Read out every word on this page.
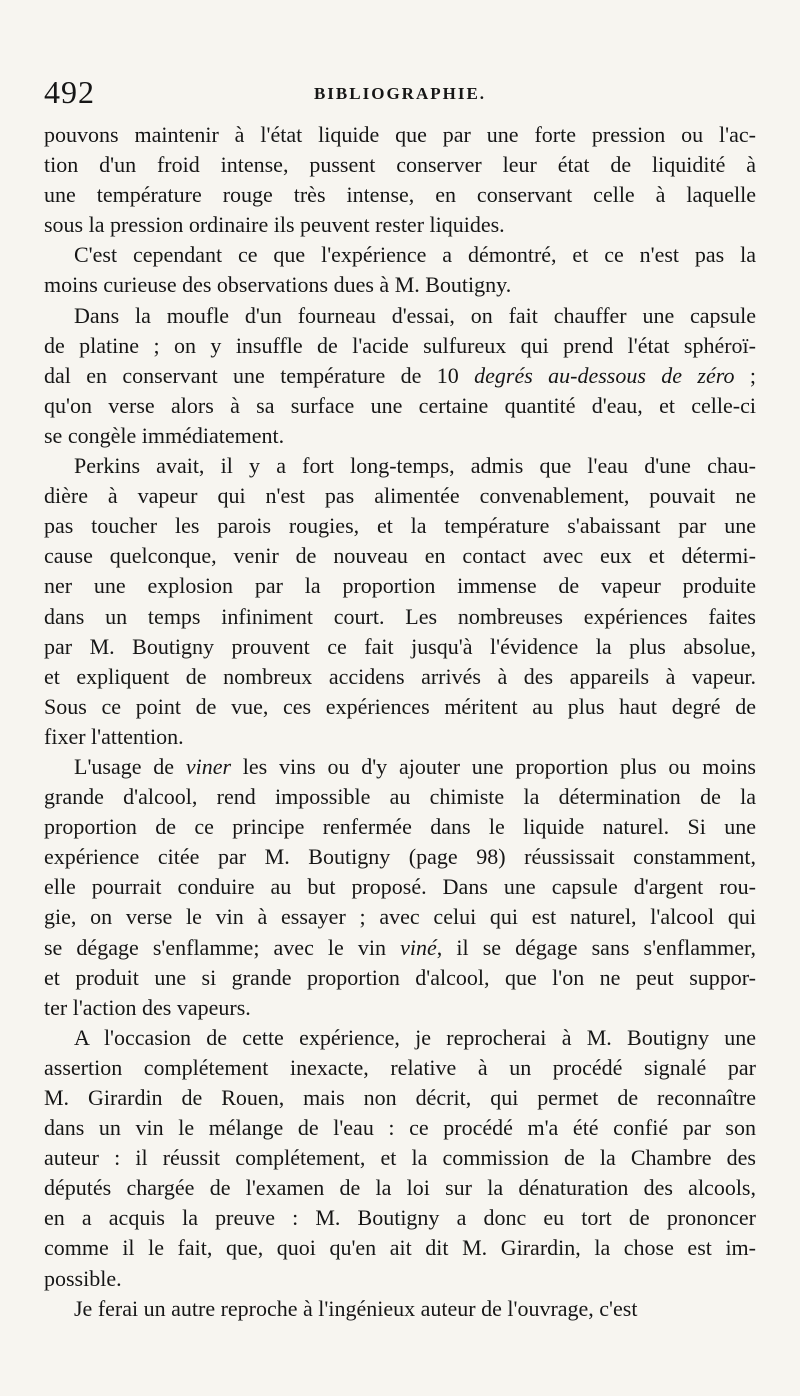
492	BIBLIOGRAPHIE.
pouvons maintenir à l'état liquide que par une forte pression ou l'ac-
tion d'un froid intense, pussent conserver leur état de liquidité à
une température rouge très intense, en conservant celle à laquelle
sous la pression ordinaire ils peuvent rester liquides.
C'est cependant ce que l'expérience a démontré, et ce n'est pas la
moins curieuse des observations dues à M. Boutigny.
Dans la moufle d'un fourneau d'essai, on fait chauffer une capsule
de platine ; on y insuffle de l'acide sulfureux qui prend l'état sphéroï-
dal en conservant une température de 10 degrés au-dessous de zéro ;
qu'on verse alors à sa surface une certaine quantité d'eau, et celle-ci
se congèle immédiatement.
Perkins avait, il y a fort long-temps, admis que l'eau d'une chau-
dière à vapeur qui n'est pas alimentée convenablement, pouvait ne
pas toucher les parois rougies, et la température s'abaissant par une
cause quelconque, venir de nouveau en contact avec eux et détermi-
ner une explosion par la proportion immense de vapeur produite
dans un temps infiniment court. Les nombreuses expériences faites
par M. Boutigny prouvent ce fait jusqu'à l'évidence la plus absolue,
et expliquent de nombreux accidens arrivés à des appareils à vapeur.
Sous ce point de vue, ces expériences méritent au plus haut degré de
fixer l'attention.
L'usage de viner les vins ou d'y ajouter une proportion plus ou moins
grande d'alcool, rend impossible au chimiste la détermination de la
proportion de ce principe renfermée dans le liquide naturel. Si une
expérience citée par M. Boutigny (page 98) réussissait constamment,
elle pourrait conduire au but proposé. Dans une capsule d'argent rou-
gie, on verse le vin à essayer ; avec celui qui est naturel, l'alcool qui
se dégage s'enflamme; avec le vin viné, il se dégage sans s'enflammer,
et produit une si grande proportion d'alcool, que l'on ne peut suppor-
ter l'action des vapeurs.
A l'occasion de cette expérience, je reprocherai à M. Boutigny une
assertion complétement inexacte, relative à un procédé signalé par
M. Girardin de Rouen, mais non décrit, qui permet de reconnaître
dans un vin le mélange de l'eau : ce procédé m'a été confié par son
auteur : il réussit complétement, et la commission de la Chambre des
députés chargée de l'examen de la loi sur la dénaturation des alcools,
en a acquis la preuve : M. Boutigny a donc eu tort de prononcer
comme il le fait, que, quoi qu'en ait dit M. Girardin, la chose est im-
possible.
Je ferai un autre reproche à l'ingénieux auteur de l'ouvrage, c'est
